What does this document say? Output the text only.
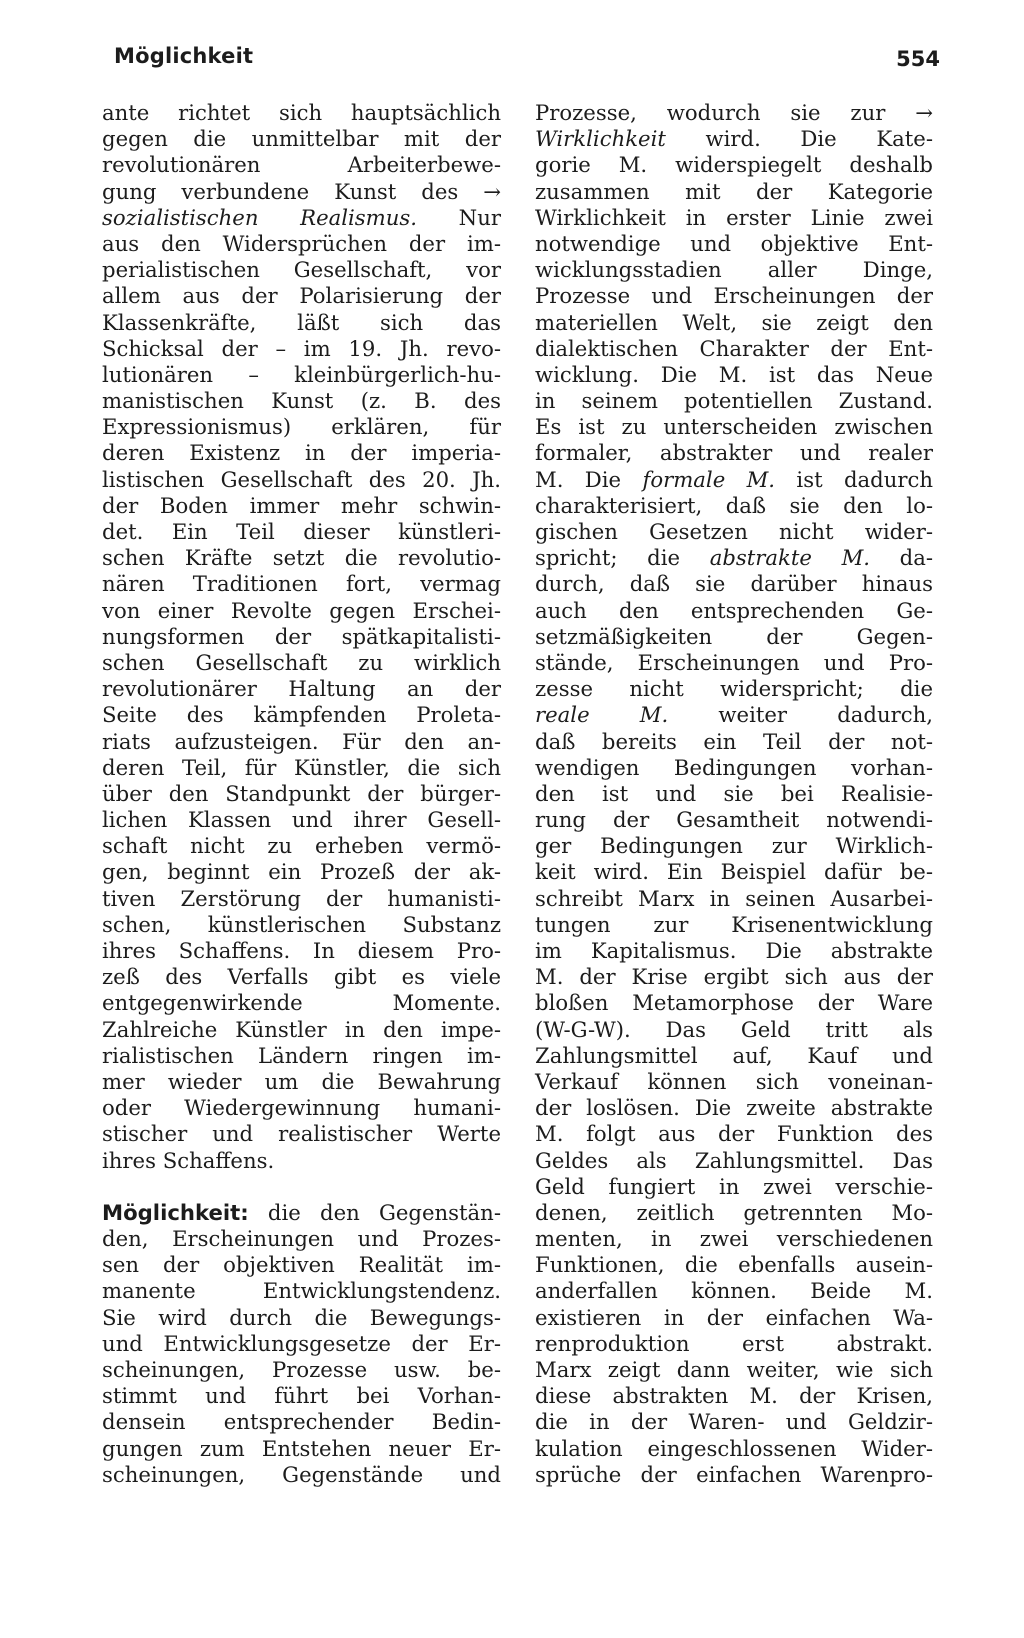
Möglichkeit	554
ante richtet sich hauptsächlich
gegen die unmittelbar mit der
revolutionären Arbeiterbewe-
gung verbundene Kunst des →
sozialistischen Realismus. Nur
aus den Widersprüchen der im-
perialistischen Gesellschaft, vor
allem aus der Polarisierung der
Klassenkräfte, läßt sich das
Schicksal der – im 19. Jh. revo-
lutionären – kleinbürgerlich-hu-
manistischen Kunst (z. B. des
Expressionismus) erklären, für
deren Existenz in der imperia-
listischen Gesellschaft des 20. Jh.
der Boden immer mehr schwin-
det. Ein Teil dieser künstleri-
schen Kräfte setzt die revolutio-
nären Traditionen fort, vermag
von einer Revolte gegen Erschei-
nungsformen der spätkapitalisti-
schen Gesellschaft zu wirklich
revolutionärer Haltung an der
Seite des kämpfenden Proleta-
riats aufzusteigen. Für den an-
deren Teil, für Künstler, die sich
über den Standpunkt der bürger-
lichen Klassen und ihrer Gesell-
schaft nicht zu erheben vermö-
gen, beginnt ein Prozeß der ak-
tiven Zerstörung der humanisti-
schen, künstlerischen Substanz
ihres Schaffens. In diesem Pro-
zeß des Verfalls gibt es viele
entgegenwirkende Momente.
Zahlreiche Künstler in den impe-
rialistischen Ländern ringen im-
mer wieder um die Bewahrung
oder Wiedergewinnung humani-
stischer und realistischer Werte
ihres Schaffens.
Möglichkeit: die den Gegenstän-
den, Erscheinungen und Prozes-
sen der objektiven Realität im-
manente Entwicklungstendenz.
Sie wird durch die Bewegungs-
und Entwicklungsgesetze der Er-
scheinungen, Prozesse usw. be-
stimmt und führt bei Vorhan-
densein entsprechender Bedin-
gungen zum Entstehen neuer Er-
scheinungen, Gegenstände und
Prozesse, wodurch sie zur →
Wirklichkeit wird. Die Kate-
gorie M. widerspiegelt deshalb
zusammen mit der Kategorie
Wirklichkeit in erster Linie zwei
notwendige und objektive Ent-
wicklungsstadien aller Dinge,
Prozesse und Erscheinungen der
materiellen Welt, sie zeigt den
dialektischen Charakter der Ent-
wicklung. Die M. ist das Neue
in seinem potentiellen Zustand.
Es ist zu unterscheiden zwischen
formaler, abstrakter und realer
M. Die formale M. ist dadurch
charakterisiert, daß sie den lo-
gischen Gesetzen nicht wider-
spricht; die abstrakte M. da-
durch, daß sie darüber hinaus
auch den entsprechenden Ge-
setzmäßigkeiten der Gegen-
stände, Erscheinungen und Pro-
zesse nicht widerspricht; die
reale M. weiter dadurch,
daß bereits ein Teil der not-
wendigen Bedingungen vorhan-
den ist und sie bei Realisie-
rung der Gesamtheit notwendi-
ger Bedingungen zur Wirklich-
keit wird. Ein Beispiel dafür be-
schreibt Marx in seinen Ausarbei-
tungen zur Krisenentwicklung
im Kapitalismus. Die abstrakte
M. der Krise ergibt sich aus der
bloßen Metamorphose der Ware
(W-G-W). Das Geld tritt als
Zahlungsmittel auf, Kauf und
Verkauf können sich voneinan-
der loslösen. Die zweite abstrakte
M. folgt aus der Funktion des
Geldes als Zahlungsmittel. Das
Geld fungiert in zwei verschie-
denen, zeitlich getrennten Mo-
menten, in zwei verschiedenen
Funktionen, die ebenfalls ausein-
anderfallen können. Beide M.
existieren in der einfachen Wa-
renproduktion erst abstrakt.
Marx zeigt dann weiter, wie sich
diese abstrakten M. der Krisen,
die in der Waren- und Geldzir-
kulation eingeschlossenen Wider-
sprüche der einfachen Warenpro-
